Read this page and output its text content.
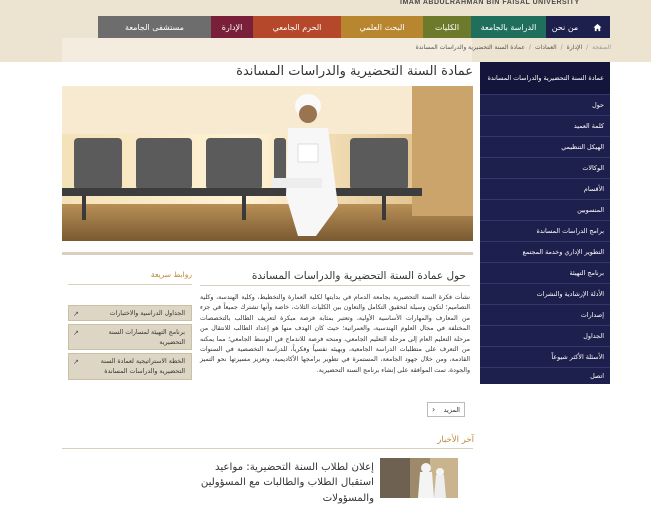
IMAM ABDULRAHMAN BIN FAISAL UNIVERSITY
من نحن
الدراسة بالجامعة
الكليات
البحث العلمي
الحرم الجامعي
الإدارة
مستشفى الجامعة
الصفحة
/
الإدارة
/
العمادات
/
عمادة السنة التحضيرية والدراسات المساندة
عمادة السنة التحضيرية والدراسات المساندة عمادة السنة التحضيرية والدراسات المساندة
حول
كلمة العميد
الهيكل التنظيمي
الوكالات
الأقسام
المنسوبين
برامج الدراسات المساندة
التطوير الإداري وخدمة المجتمع
برنامج التهيئة
الأدلة الإرشادية والنشرات
إصدارات
الجداول
الأسئلة الأكثر شيوعاً
اتصل
حول عمادة السنة التحضيرية والدراسات المساندة

نشأت فكرة السنة التحضيرية بجامعة الدمام في بدايتها لكلية العمارة والتخطيط، وكلية الهندسة، وكلية التصاميم؛ لتكون وسيلة لتحقيق التكامل والتعاون بين الكليات الثلاث، خاصة وأنها تشترك جميعاً في جزء من المعارف والمهارات الأساسية الأولية، وتعتبر بمثابة فرصة مبكرة لتعريف الطالب بالتخصصات المختلفة في مجال العلوم الهندسية، والعمرانية؛ حيث كان الهدف منها هو إعداد الطالب للانتقال من مرحلة التعليم العام إلى مرحلة التعليم الجامعي، ومنحه فرصة للاندماج في الوسط الجامعي؛ مما يمكنه من التعرف على متطلبات الدراسة الجامعية، وبهيئه نفسياً وفكرياً، للدراسة التخصصية في السنوات القادمة، ومن خلال جهود الجامعة، المستمرة في تطوير برامجها الأكاديمية، وتعزيز مسيرتها نحو التميز والجودة، تمت الموافقة على إنشاء برنامج السنة التحضيرية.

المزيد
‹
روابط سريعة
الجداول الدراسية والاختبارات
↗
برنامج التهيئة لمسارات السنة التحضيرية
↗
الخطة الاستراتيجية لعمادة السنة التحضيرية والدراسات المساندة
↗
آخر الأخبار
إعلان لطلاب السنة التحضيرية: مواعيد استقبال الطلاب والطالبات مع المسؤولين والمسؤولات
